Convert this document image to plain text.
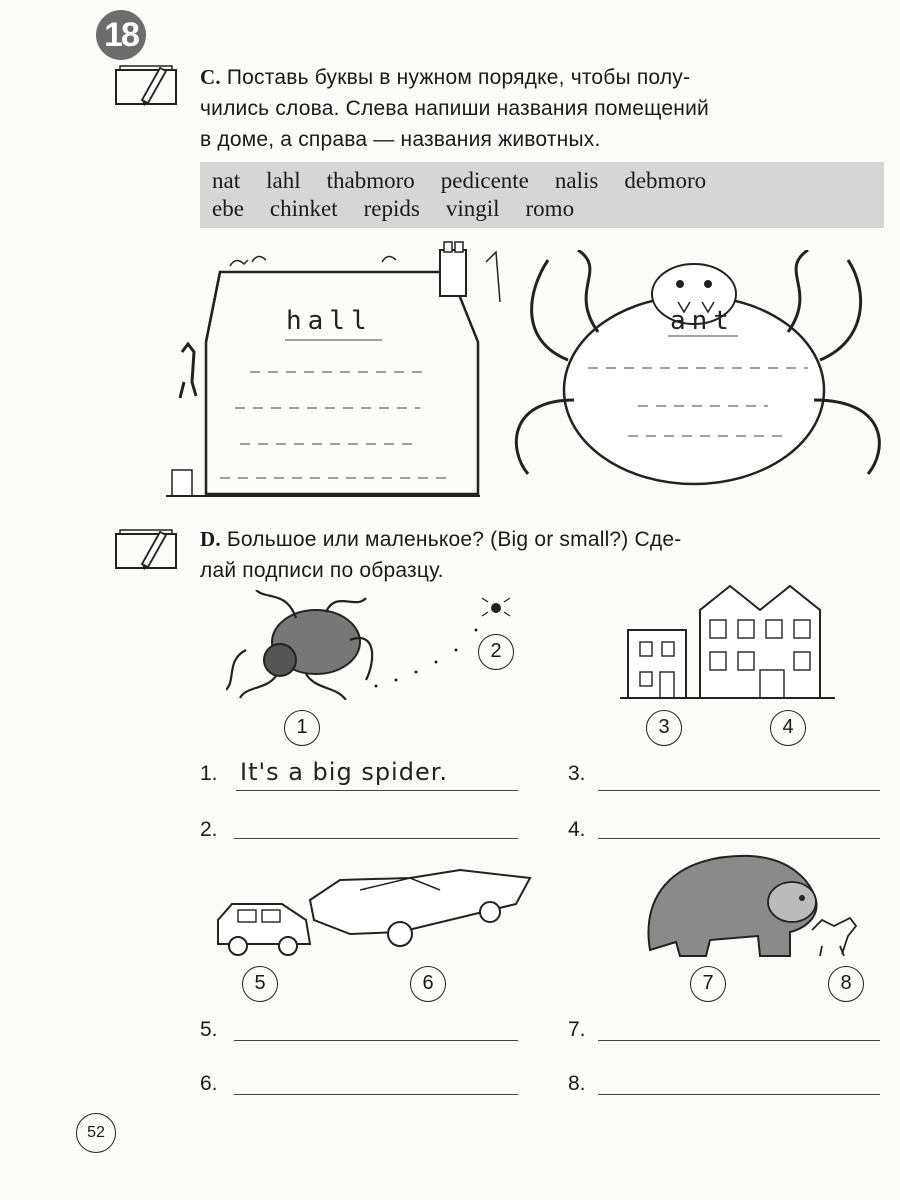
18
C. Поставь буквы в нужном порядке, чтобы полу-
чились слова. Слева напиши названия помещений
в доме, а справа — названия животных.
nat lahl thabmoro pedicente nalis debmoro
ebe chinket repids vingil romo
hall	ant
D. Большое или маленькое? (Big or small?) Сде-
лай подписи по образцу.
2
1	3	4
1. It's a big spider.	3.
2.	4.
5	6	7	8
5.	7.
6.	8.
52
